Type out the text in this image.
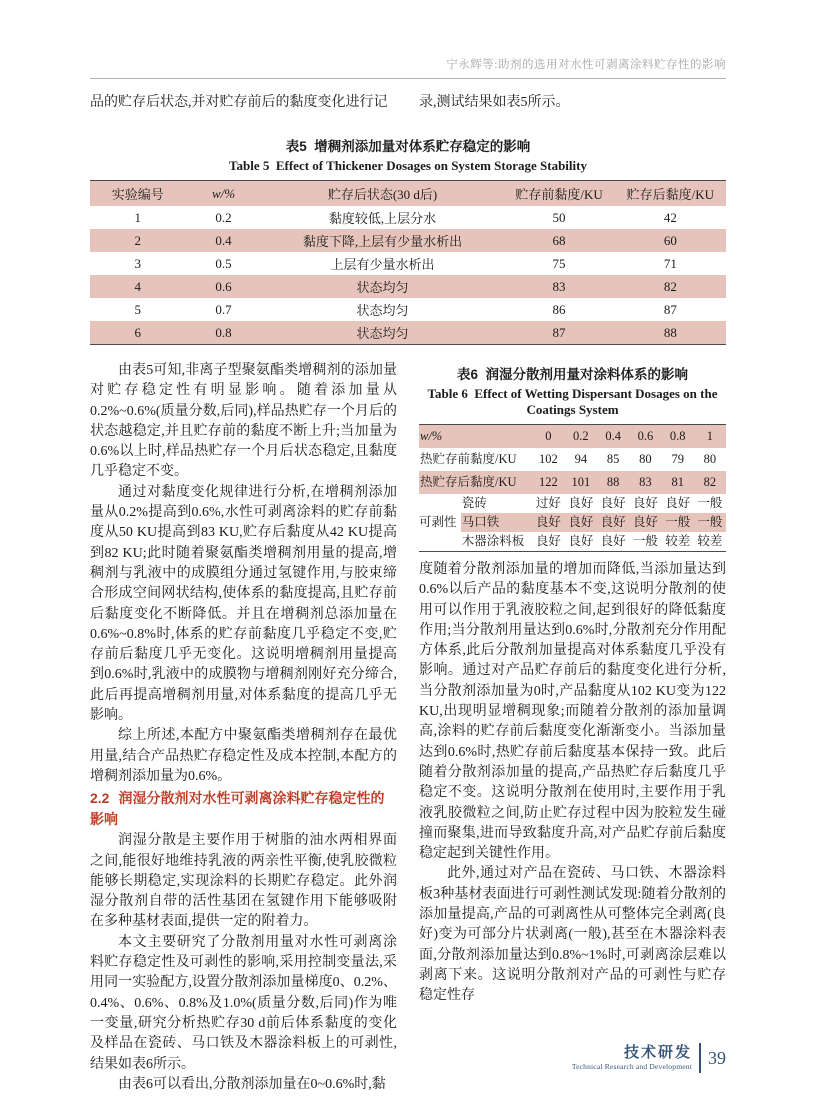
宁永辉等:助剂的选用对水性可剥离涂料贮存性的影响
品的贮存后状态,并对贮存前后的黏度变化进行记	录,测试结果如表5所示。
表5  增稠剂添加量对体系贮存稳定的影响
Table 5  Effect of Thickener Dosages on System Storage Stability
实验编号	w/%	贮存后状态(30 d后)	贮存前黏度/KU	贮存后黏度/KU
1	0.2	黏度较低,上层分水	50	42
2	0.4	黏度下降,上层有少量水析出	68	60
3	0.5	上层有少量水析出	75	71
4	0.6	状态均匀	83	82
5	0.7	状态均匀	86	87
6	0.8	状态均匀	87	88

由表5可知,非离子型聚氨酯类增稠剂的添加量对贮存稳定性有明显影响。随着添加量从0.2%~0.6%(质量分数,后同),样品热贮存一个月后的状态越稳定,并且贮存前的黏度不断上升;当加量为0.6%以上时,样品热贮存一个月后状态稳定,且黏度几乎稳定不变。

通过对黏度变化规律进行分析,在增稠剂添加量从0.2%提高到0.6%,水性可剥离涂料的贮存前黏度从50 KU提高到83 KU,贮存后黏度从42 KU提高到82 KU;此时随着聚氨酯类增稠剂用量的提高,增稠剂与乳液中的成膜组分通过氢键作用,与胶束缔合形成空间网状结构,使体系的黏度提高,且贮存前后黏度变化不断降低。并且在增稠剂总添加量在0.6%~0.8%时,体系的贮存前黏度几乎稳定不变,贮存前后黏度几乎无变化。这说明增稠剂用量提高到0.6%时,乳液中的成膜物与增稠剂刚好充分缔合,此后再提高增稠剂用量,对体系黏度的提高几乎无影响。

综上所述,本配方中聚氨酯类增稠剂存在最优用量,结合产品热贮存稳定性及成本控制,本配方的增稠剂添加量为0.6%。

2.2 润湿分散剂对水性可剥离涂料贮存稳定性的影响

润湿分散是主要作用于树脂的油水两相界面之间,能很好地维持乳液的两亲性平衡,使乳胶微粒能够长期稳定,实现涂料的长期贮存稳定。此外润湿分散剂自带的活性基团在氢键作用下能够吸附在多种基材表面,提供一定的附着力。

本文主要研究了分散剂用量对水性可剥离涂料贮存稳定性及可剥性的影响,采用控制变量法,采用同一实验配方,设置分散剂添加量梯度0、0.2%、0.4%、0.6%、0.8%及1.0%(质量分数,后同)作为唯一变量,研究分析热贮存30 d前后体系黏度的变化及样品在瓷砖、马口铁及木器涂料板上的可剥性,结果如表6所示。

由表6可以看出,分散剂添加量在0~0.6%时,黏

表6  润湿分散剂用量对涂料体系的影响
Table 6  Effect of Wetting Dispersant Dosages on the Coatings System
w/%		0	0.2	0.4	0.6	0.8	1
热贮存前黏度/KU		102	94	85	80	79	80
热贮存后黏度/KU		122	101	88	83	81	82
可剥性	瓷砖	过好	良好	良好	良好	良好	一般
	马口铁	良好	良好	良好	良好	一般	一般
	木器涂料板	良好	良好	良好	一般	较差	较差

度随着分散剂添加量的增加而降低,当添加量达到0.6%以后产品的黏度基本不变,这说明分散剂的使用可以作用于乳液胶粒之间,起到很好的降低黏度作用;当分散剂用量达到0.6%时,分散剂充分作用配方体系,此后分散剂加量提高对体系黏度几乎没有影响。通过对产品贮存前后的黏度变化进行分析,当分散剂添加量为0时,产品黏度从102 KU变为122 KU,出现明显增稠现象;而随着分散剂的添加量调高,涂料的贮存前后黏度变化渐渐变小。当添加量达到0.6%时,热贮存前后黏度基本保持一致。此后随着分散剂添加量的提高,产品热贮存后黏度几乎稳定不变。这说明分散剂在使用时,主要作用于乳液乳胶微粒之间,防止贮存过程中因为胶粒发生碰撞而聚集,进而导致黏度升高,对产品贮存前后黏度稳定起到关键性作用。

此外,通过对产品在瓷砖、马口铁、木器涂料板3种基材表面进行可剥性测试发现:随着分散剂的添加量提高,产品的可剥离性从可整体完全剥离(良好)变为可部分片状剥离(一般),甚至在木器涂料表面,分散剂添加量达到0.8%~1%时,可剥离涂层难以剥离下来。这说明分散剂对产品的可剥性与贮存稳定性存

技术研发
Technical Research and Development 39
